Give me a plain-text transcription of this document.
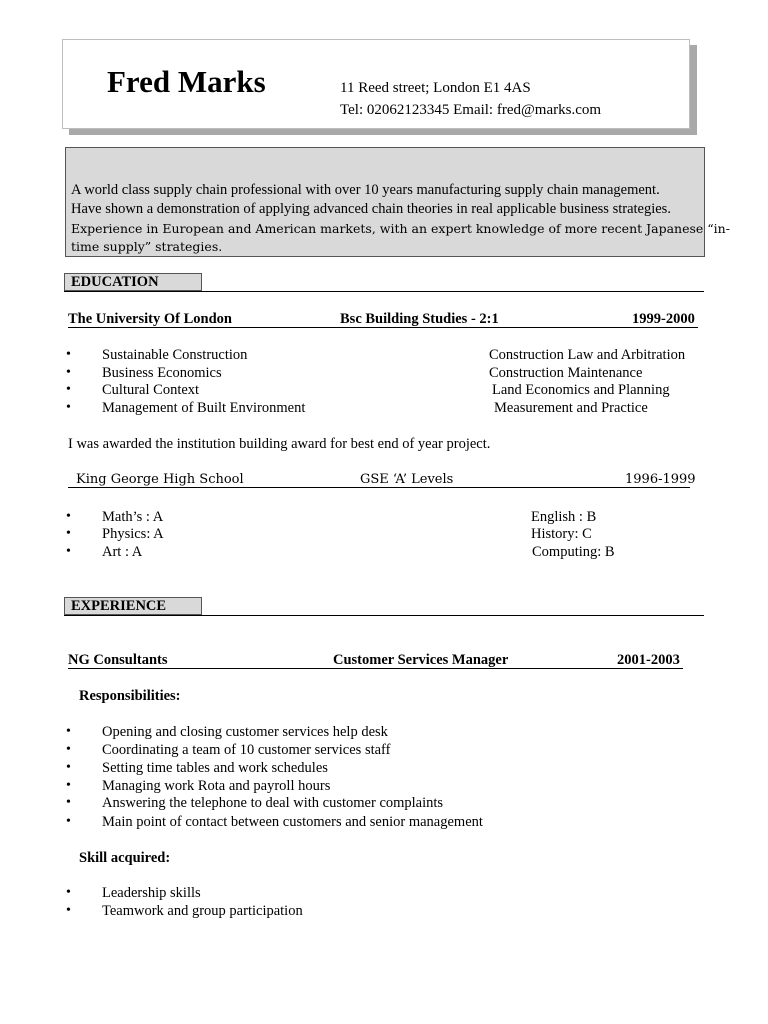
Fred Marks	11 Reed street; London E1 4AS
Tel: 02062123345 Email: fred@marks.com
A world class supply chain professional with over 10 years manufacturing supply chain management.
Have shown a demonstration of applying advanced chain theories in real applicable business strategies.
Experience in European and American markets, with an expert knowledge of more recent Japanese “in-
time supply” strategies.
EDUCATION
The University Of London	Bsc Building Studies - 2:1	1999-2000
• Sustainable Construction	Construction Law and Arbitration
• Business Economics	Construction Maintenance
• Cultural Context	Land Economics and Planning
• Management of Built Environment	Measurement and Practice
I was awarded the institution building award for best end of year project.
King George High School	GSE ‘A’ Levels	1996-1999
• Math’s : A	English : B
• Physics: A	History: C
• Art : A	Computing: B
EXPERIENCE
NG Consultants	Customer Services Manager	2001-2003
Responsibilities:
• Opening and closing customer services help desk
• Coordinating a team of 10 customer services staff
• Setting time tables and work schedules
• Managing work Rota and payroll hours
• Answering the telephone to deal with customer complaints
• Main point of contact between customers and senior management
Skill acquired:
• Leadership skills
• Teamwork and group participation
